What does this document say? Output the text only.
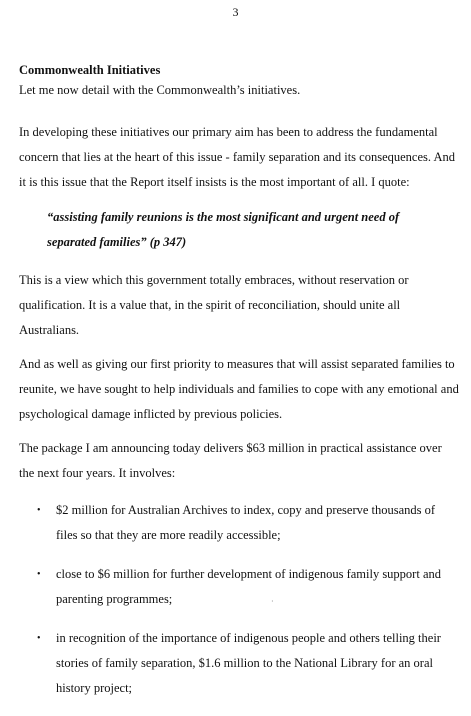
3

Commonwealth Initiatives

Let me now detail with the Commonwealth’s initiatives.

In developing these initiatives our primary aim has been to address the fundamental concern that lies at the heart of this issue - family separation and its consequences. And it is this issue that the Report itself insists is the most important of all. I quote:

“assisting family reunions is the most significant and urgent need of separated families” (p 347)

This is a view which this government totally embraces, without reservation or qualification. It is a value that, in the spirit of reconciliation, should unite all Australians.

And as well as giving our first priority to measures that will assist separated families to reunite, we have sought to help individuals and families to cope with any emotional and psychological damage inflicted by previous policies.

The package I am announcing today delivers $63 million in practical assistance over the next four years. It involves:

• $2 million for Australian Archives to index, copy and preserve thousands of files so that they are more readily accessible;
• close to $6 million for further development of indigenous family support and parenting programmes;
• in recognition of the importance of indigenous people and others telling their stories of family separation, $1.6 million to the National Library for an oral history project;
·
